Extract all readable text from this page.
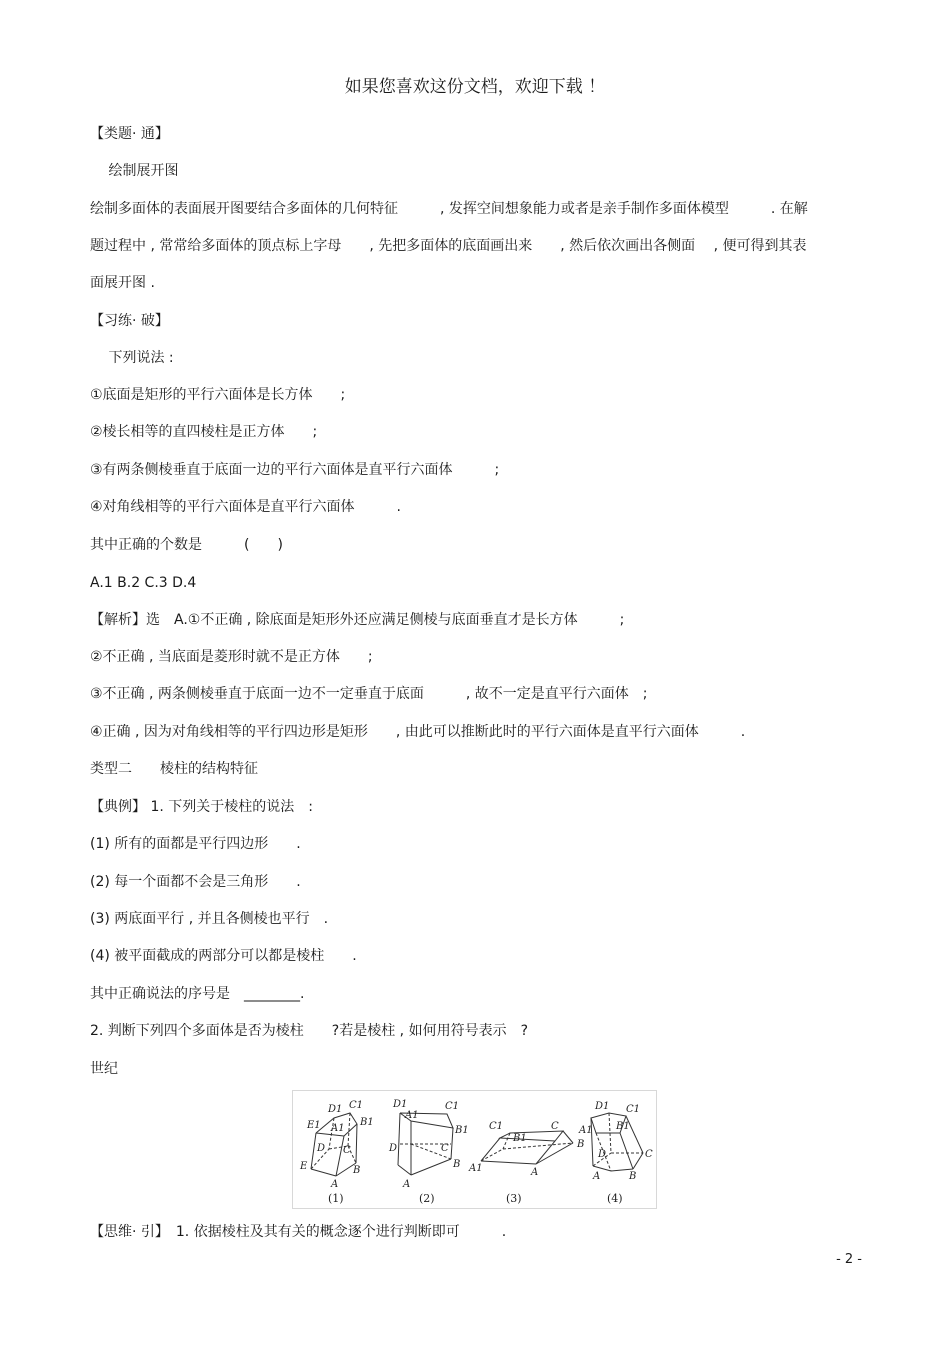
如果您喜欢这份文档，欢迎下载 ！
【类题· 通】
　 绘制展开图
绘制多面体的表面展开图要结合多面体的几何特征　　　, 发挥空间想象能力或者是亲手制作多面体模型　　　. 在解
题过程中 , 常常给多面体的顶点标上字母　　, 先把多面体的底面画出来　　, 然后依次画出各侧面　 , 便可得到其表
面展开图 .
【习练· 破】
　 下列说法 :
①底面是矩形的平行六面体是长方体　　;
②棱长相等的直四棱柱是正方体　　;
③有两条侧棱垂直于底面一边的平行六面体是直平行六面体　　　;
④对角线相等的平行六面体是直平行六面体　　　.
其中正确的个数是　　　(　　)
A.1 B.2 C.3 D.4
【解析】选　A.①不正确 , 除底面是矩形外还应满足侧棱与底面垂直才是长方体　　　;
②不正确 , 当底面是菱形时就不是正方体　　;
③不正确 , 两条侧棱垂直于底面一边不一定垂直于底面　　　, 故不一定是直平行六面体　;
④正确 , 因为对角线相等的平行四边形是矩形　　, 由此可以推断此时的平行六面体是直平行六面体　　　.
类型二　　棱柱的结构特征
【典例】 1. 下列关于棱柱的说法　:
(1) 所有的面都是平行四边形　　.
(2) 每一个面都不会是三角形　　.
(3) 两底面平行 , 并且各侧棱也平行　.
(4) 被平面截成的两部分可以都是棱柱　　.
其中正确说法的序号是　________.
2. 判断下列四个多面体是否为棱柱　　?若是棱柱 , 如何用符号表示　?
世纪
D1 C1
E1 A1
B1
D C
E	B
A
D1	C1
A1
B1
D	C
A
B
C1
B1
A1
C
A
B
D1 C1
A1 B1
D	C
A	B
(1)	(2)	(3)	(4)
【思维· 引】　1. 依据棱柱及其有关的概念逐个进行判断即可　　　.
- 2 -
